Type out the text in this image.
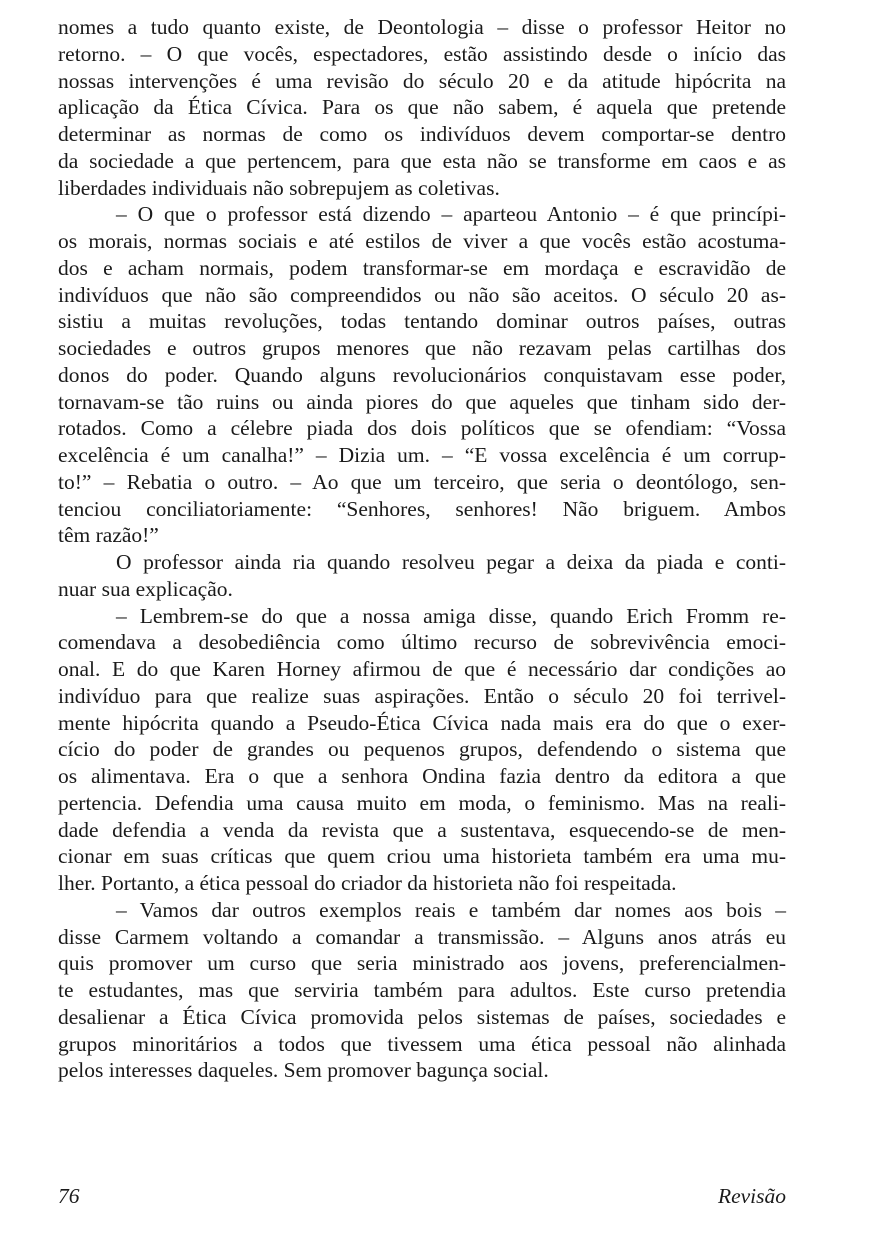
nomes a tudo quanto existe, de Deontologia – disse o professor Heitor no
retorno. – O que vocês, espectadores, estão assistindo desde o início das
nossas intervenções é uma revisão do século 20 e da atitude hipócrita na
aplicação da Ética Cívica. Para os que não sabem, é aquela que pretende
determinar as normas de como os indivíduos devem comportar-se dentro
da sociedade a que pertencem, para que esta não se transforme em caos e as
liberdades individuais não sobrepujem as coletivas.
– O que o professor está dizendo – aparteou Antonio – é que princípi-
os morais, normas sociais e até estilos de viver a que vocês estão acostuma-
dos e acham normais, podem transformar-se em mordaça e escravidão de
indivíduos que não são compreendidos ou não são aceitos. O século 20 as-
sistiu a muitas revoluções, todas tentando dominar outros países, outras
sociedades e outros grupos menores que não rezavam pelas cartilhas dos
donos do poder. Quando alguns revolucionários conquistavam esse poder,
tornavam-se tão ruins ou ainda piores do que aqueles que tinham sido der-
rotados. Como a célebre piada dos dois políticos que se ofendiam: “Vossa
excelência é um canalha!” – Dizia um. – “E vossa excelência é um corrup-
to!” – Rebatia o outro. – Ao que um terceiro, que seria o deontólogo, sen-
tenciou conciliatoriamente: “Senhores, senhores! Não briguem. Ambos
têm razão!”
O professor ainda ria quando resolveu pegar a deixa da piada e conti-
nuar sua explicação.
– Lembrem-se do que a nossa amiga disse, quando Erich Fromm re-
comendava a desobediência como último recurso de sobrevivência emoci-
onal. E do que Karen Horney afirmou de que é necessário dar condições ao
indivíduo para que realize suas aspirações. Então o século 20 foi terrivel-
mente hipócrita quando a Pseudo-Ética Cívica nada mais era do que o exer-
cício do poder de grandes ou pequenos grupos, defendendo o sistema que
os alimentava. Era o que a senhora Ondina fazia dentro da editora a que
pertencia. Defendia uma causa muito em moda, o feminismo. Mas na reali-
dade defendia a venda da revista que a sustentava, esquecendo-se de men-
cionar em suas críticas que quem criou uma historieta também era uma mu-
lher. Portanto, a ética pessoal do criador da historieta não foi respeitada.
– Vamos dar outros exemplos reais e também dar nomes aos bois –
disse Carmem voltando a comandar a transmissão. – Alguns anos atrás eu
quis promover um curso que seria ministrado aos jovens, preferencialmen-
te estudantes, mas que serviria também para adultos. Este curso pretendia
desalienar a Ética Cívica promovida pelos sistemas de países, sociedades e
grupos minoritários a todos que tivessem uma ética pessoal não alinhada
pelos interesses daqueles. Sem promover bagunça social.
76	Revisão
